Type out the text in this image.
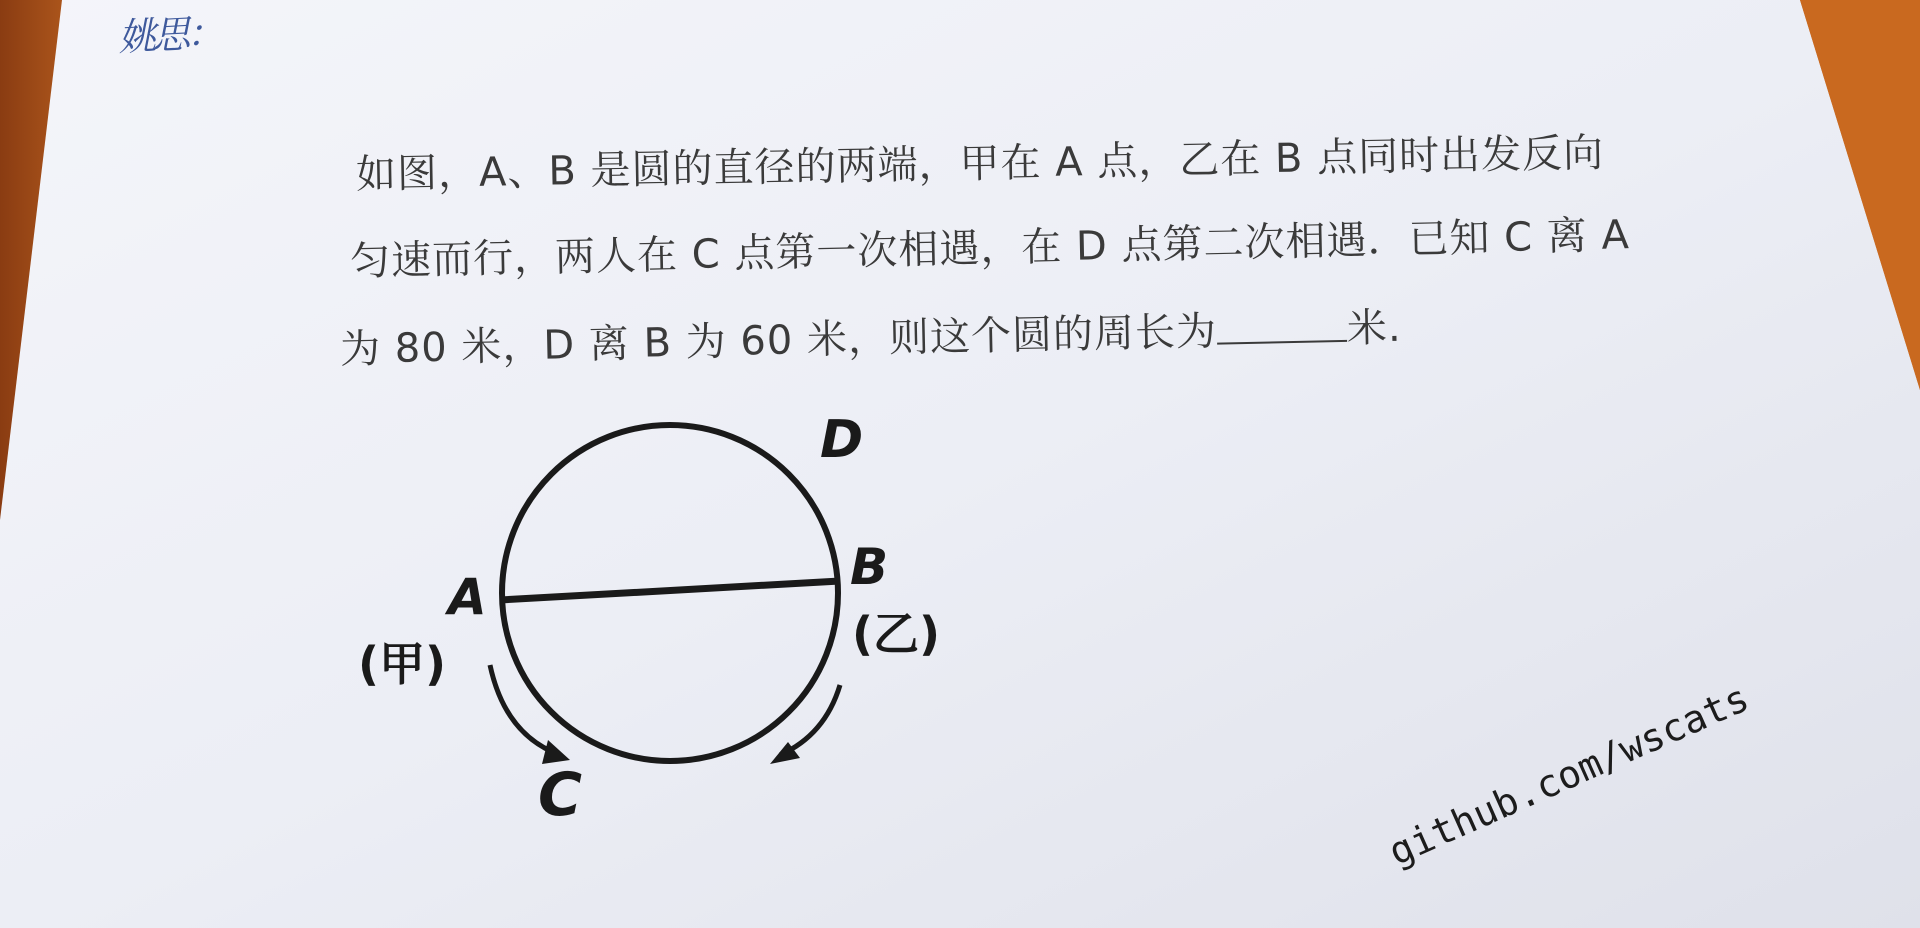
姚思：
如图，A、B 是圆的直径的两端，甲在 A 点，乙在 B 点同时出发反向
匀速而行，两人在 C 点第一次相遇，在 D 点第二次相遇．已知 C 离 A
为 80 米，D 离 B 为 60 米，则这个圆的周长为	米.
D
B
A
(甲)
(乙)
C	github.com/wscats
